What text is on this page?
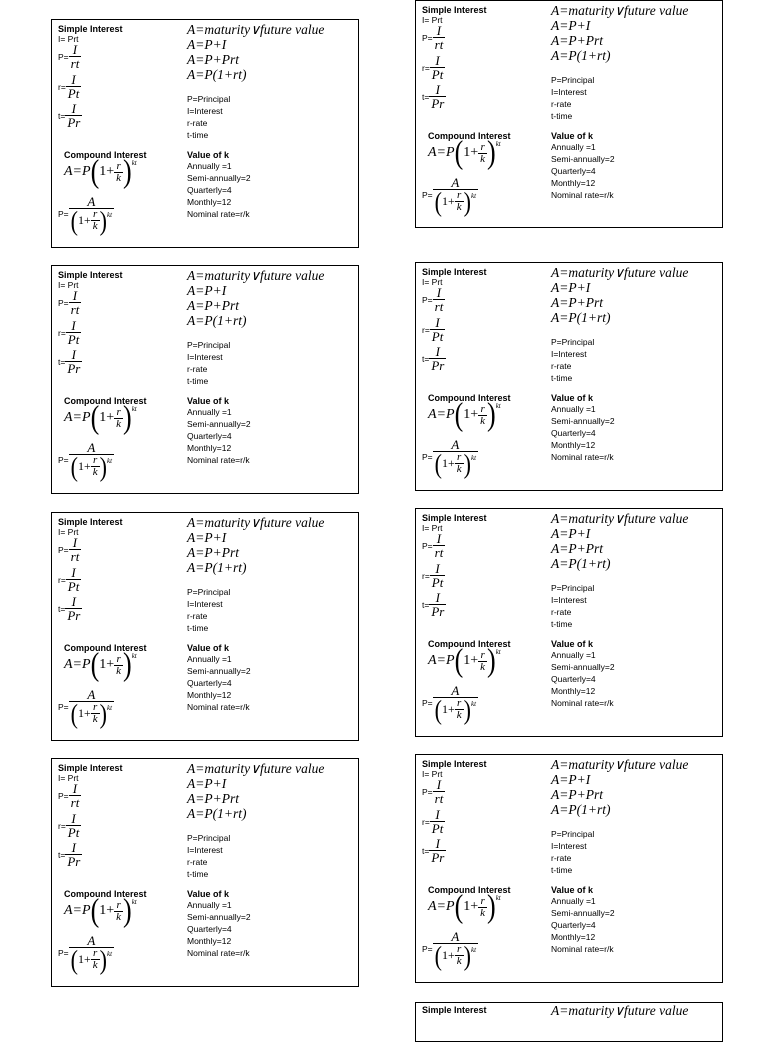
Simple Interest
I= Prt
$P= \frac{I}{rt}$
$r= \frac{I}{Pt}$
$t= \frac{I}{Pr}$
A=maturity∨future value
A=P+I
A=P+Prt
A=P(1+rt)
P=Principal
I=Interest
r-rate
t-time
Compound Interest
A=P ( $1+ \frac{r}{k}$ ) kt
P=
A
( $1+ \frac{r}{k}$ ) kt
Value of k
Annually =1
Semi-annually=2
Quarterly=4
Monthly=12
Nominal rate=r/k
Simple Interest
I= Prt
$P= \frac{I}{rt}$
$r= \frac{I}{Pt}$
$t= \frac{I}{Pr}$
A=maturity∨future value
A=P+I
A=P+Prt
A=P(1+rt)
P=Principal
I=Interest
r-rate
t-time
Compound Interest
A=P ( $1+ \frac{r}{k}$ ) kt
P=
A
( $1+ \frac{r}{k}$ ) kt
Value of k
Annually =1
Semi-annually=2
Quarterly=4
Monthly=12
Nominal rate=r/k
Simple Interest
I= Prt
$P= \frac{I}{rt}$
$r= \frac{I}{Pt}$
$t= \frac{I}{Pr}$
A=maturity∨future value
A=P+I
A=P+Prt
A=P(1+rt)
P=Principal
I=Interest
r-rate
t-time
Compound Interest
A=P ( $1+ \frac{r}{k}$ ) kt
P=
A
( $1+ \frac{r}{k}$ ) kt
Value of k
Annually =1
Semi-annually=2
Quarterly=4
Monthly=12
Nominal rate=r/k
Simple Interest
I= Prt
$P= \frac{I}{rt}$
$r= \frac{I}{Pt}$
$t= \frac{I}{Pr}$
A=maturity∨future value
A=P+I
A=P+Prt
A=P(1+rt)
P=Principal
I=Interest
r-rate
t-time
Compound Interest
A=P ( $1+ \frac{r}{k}$ ) kt
P=
A
( $1+ \frac{r}{k}$ ) kt
Value of k
Annually =1
Semi-annually=2
Quarterly=4
Monthly=12
Nominal rate=r/k
Simple Interest
I= Prt
$P= \frac{I}{rt}$
$r= \frac{I}{Pt}$
$t= \frac{I}{Pr}$
A=maturity∨future value
A=P+I
A=P+Prt
A=P(1+rt)
P=Principal
I=Interest
r-rate
t-time
Compound Interest
A=P ( $1+ \frac{r}{k}$ ) kt
P=
A
( $1+ \frac{r}{k}$ ) kt
Value of k
Annually =1
Semi-annually=2
Quarterly=4
Monthly=12
Nominal rate=r/k
Simple Interest
I= Prt
$P= \frac{I}{rt}$
$r= \frac{I}{Pt}$
$t= \frac{I}{Pr}$
A=maturity∨future value
A=P+I
A=P+Prt
A=P(1+rt)
P=Principal
I=Interest
r-rate
t-time
Compound Interest
A=P ( $1+ \frac{r}{k}$ ) kt
P=
A
( $1+ \frac{r}{k}$ ) kt
Value of k
Annually =1
Semi-annually=2
Quarterly=4
Monthly=12
Nominal rate=r/k
Simple Interest
I= Prt
$P= \frac{I}{rt}$
$r= \frac{I}{Pt}$
$t= \frac{I}{Pr}$
A=maturity∨future value
A=P+I
A=P+Prt
A=P(1+rt)
P=Principal
I=Interest
r-rate
t-time
Compound Interest
A=P ( $1+ \frac{r}{k}$ ) kt
P=
A
( $1+ \frac{r}{k}$ ) kt
Value of k
Annually =1
Semi-annually=2
Quarterly=4
Monthly=12
Nominal rate=r/k
Simple Interest
I= Prt
$P= \frac{I}{rt}$
$r= \frac{I}{Pt}$
$t= \frac{I}{Pr}$
A=maturity∨future value
A=P+I
A=P+Prt
A=P(1+rt)
P=Principal
I=Interest
r-rate
t-time
Compound Interest
A=P ( $1+ \frac{r}{k}$ ) kt
P=
A
( $1+ \frac{r}{k}$ ) kt
Value of k
Annually =1
Semi-annually=2
Quarterly=4
Monthly=12
Nominal rate=r/k
Simple Interest	A=maturity∨future value
